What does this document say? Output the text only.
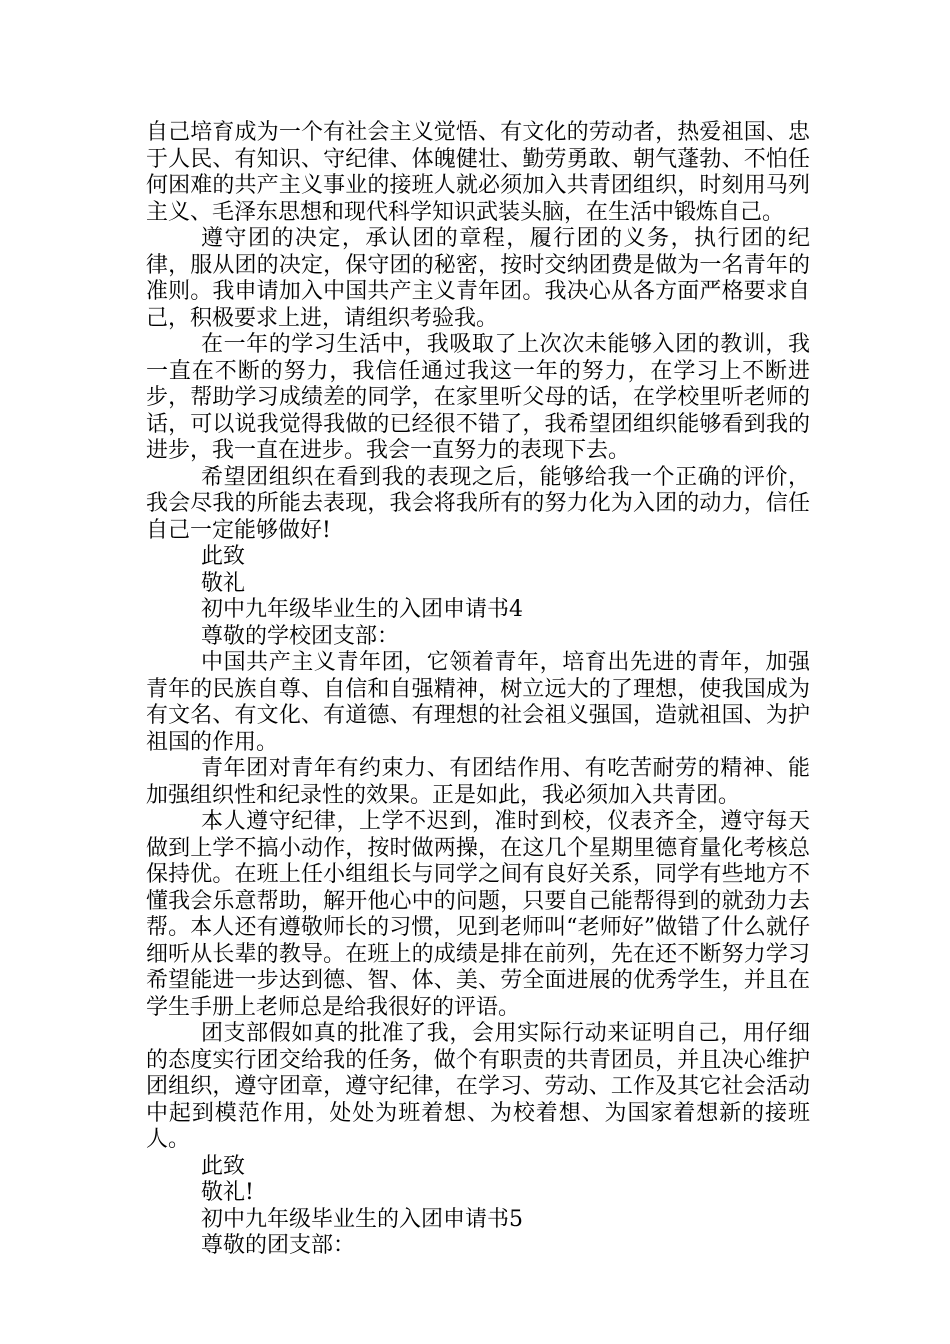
自己培育成为一个有社会主义觉悟、有文化的劳动者，热爱祖国、忠于人民、有知识、守纪律、体魄健壮、勤劳勇敢、朝气蓬勃、不怕任何困难的共产主义事业的接班人就必须加入共青团组织，时刻用马列主义、毛泽东思想和现代科学知识武装头脑，在生活中锻炼自己。

遵守团的决定，承认团的章程，履行团的义务，执行团的纪律，服从团的决定，保守团的秘密，按时交纳团费是做为一名青年的准则。我申请加入中国共产主义青年团。我决心从各方面严格要求自己，积极要求上进，请组织考验我。

在一年的学习生活中，我吸取了上次次未能够入团的教训，我一直在不断的努力，我信任通过我这一年的努力，在学习上不断进步，帮助学习成绩差的同学，在家里听父母的话，在学校里听老师的话，可以说我觉得我做的已经很不错了，我希望团组织能够看到我的进步，我一直在进步。我会一直努力的表现下去。

希望团组织在看到我的表现之后，能够给我一个正确的评价，我会尽我的所能去表现，我会将我所有的努力化为入团的动力，信任自己一定能够做好!

此致

敬礼

初中九年级毕业生的入团申请书4

尊敬的学校团支部：

中国共产主义青年团，它领着青年，培育出先进的青年，加强青年的民族自尊、自信和自强精神，树立远大的了理想，使我国成为有文名、有文化、有道德、有理想的社会祖义强国，造就祖国、为护祖国的作用。

青年团对青年有约束力、有团结作用、有吃苦耐劳的精神、能加强组织性和纪录性的效果。正是如此，我必须加入共青团。

本人遵守纪律，上学不迟到，准时到校，仪表齐全，遵守每天做到上学不搞小动作，按时做两操，在这几个星期里德育量化考核总保持优。在班上任小组组长与同学之间有良好关系，同学有些地方不懂我会乐意帮助，解开他心中的问题，只要自己能帮得到的就劲力去帮。本人还有遵敬师长的习惯，见到老师叫“老师好”做错了什么就仔细听从长辈的教导。在班上的成绩是排在前列，先在还不断努力学习希望能进一步达到德、智、体、美、劳全面进展的优秀学生，并且在学生手册上老师总是给我很好的评语。

团支部假如真的批准了我，会用实际行动来证明自己，用仔细的态度实行团交给我的任务，做个有职责的共青团员，并且决心维护团组织，遵守团章，遵守纪律，在学习、劳动、工作及其它社会活动中起到模范作用，处处为班着想、为校着想、为国家着想新的接班人。

此致

敬礼!

初中九年级毕业生的入团申请书5

尊敬的团支部：
